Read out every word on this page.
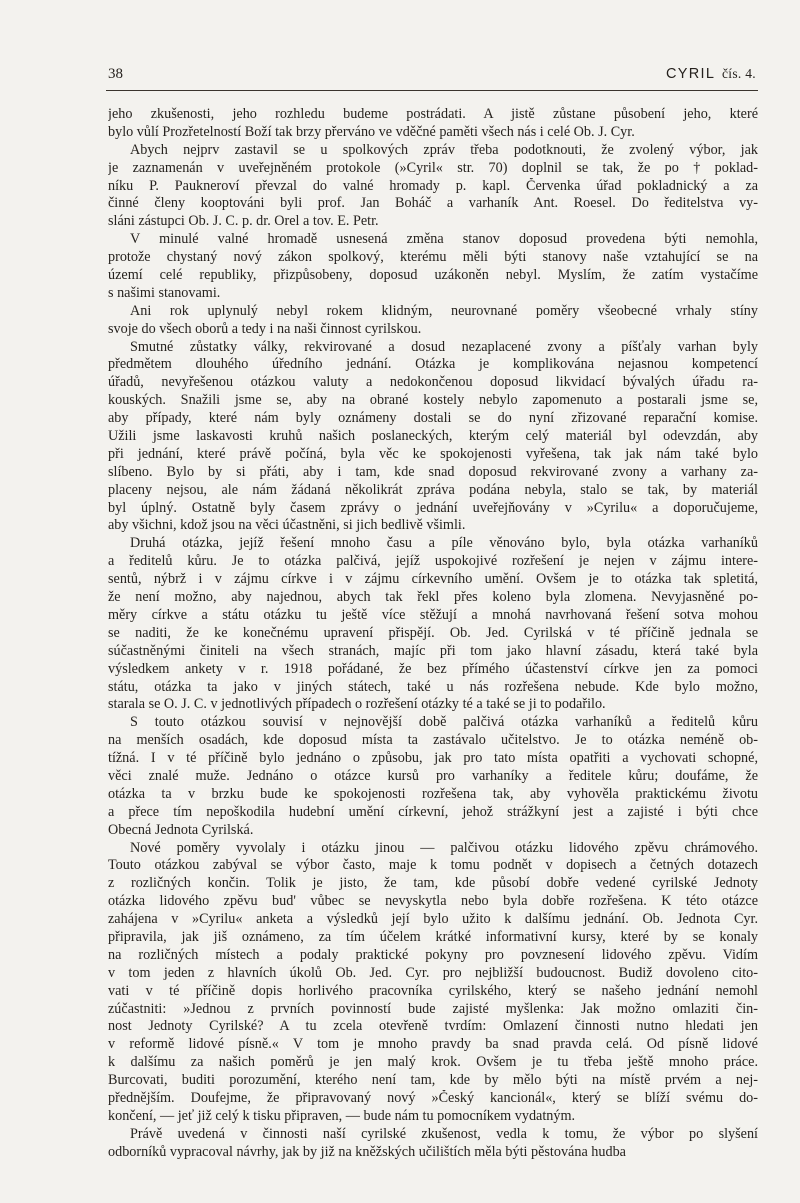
38	CYRIL čís. 4.
jeho zkušenosti, jeho rozhledu budeme postrádati. A jistě zůstane působení jeho, které
bylo vůlí Prozřetelností Boží tak brzy přerváno ve vděčné paměti všech nás i celé Ob. J. Cyr.
Abych nejprv zastavil se u spolkových zpráv třeba podotknouti, že zvolený výbor, jak
je zaznamenán v uveřejněném protokole (»Cyril« str. 70) doplnil se tak, že po † poklad-
níku P. Paukneroví převzal do valné hromady p. kapl. Červenka úřad pokladnický a za
činné členy kooptováni byli prof. Jan Boháč a varhaník Ant. Roesel. Do ředitelstva vy-
sláni zástupci Ob. J. C. p. dr. Orel a tov. E. Petr.
V minulé valné hromadě usnesená změna stanov doposud provedena býti nemohla,
protože chystaný nový zákon spolkový, kterému měli býti stanovy naše vztahující se na
území celé republiky, přizpůsobeny, doposud uzákoněn nebyl. Myslím, že zatím vystačíme
s našimi stanovami.
Ani rok uplynulý nebyl rokem klidným, neurovnané poměry všeobecné vrhaly stíny
svoje do všech oborů a tedy i na naši činnost cyrilskou.
Smutné zůstatky války, rekvirované a dosud nezaplacené zvony a píšťaly varhan byly
předmětem dlouhého úředního jednání. Otázka je komplikována nejasnou kompetencí
úřadů, nevyřešenou otázkou valuty a nedokončenou doposud likvidací bývalých úřadu ra-
kouských. Snažili jsme se, aby na obrané kostely nebylo zapomenuto a postarali jsme se,
aby případy, které nám byly oznámeny dostali se do nyní zřizované reparační komise.
Užili jsme laskavosti kruhů našich poslaneckých, kterým celý materiál byl odevzdán, aby
při jednání, které právě počíná, byla věc ke spokojenosti vyřešena, tak jak nám také bylo
slíbeno. Bylo by si přáti, aby i tam, kde snad doposud rekvirované zvony a varhany za-
placeny nejsou, ale nám žádaná několikrát zpráva podána nebyla, stalo se tak, by materiál
byl úplný. Ostatně byly časem zprávy o jednání uveřejňovány v »Cyrilu« a doporučujeme,
aby všichni, kdož jsou na věci účastněni, si jich bedlivě všimli.
Druhá otázka, jejíž řešení mnoho času a píle věnováno bylo, byla otázka varhaníků
a ředitelů kůru. Je to otázka palčivá, jejíž uspokojivé rozřešení je nejen v zájmu intere-
sentů, nýbrž i v zájmu církve i v zájmu církevního umění. Ovšem je to otázka tak spletitá,
že není možno, aby najednou, abych tak řekl přes koleno byla zlomena. Nevyjasněné po-
měry církve a státu otázku tu ještě více stěžují a mnohá navrhovaná řešení sotva mohou
se naditi, že ke konečnému upravení přispějí. Ob. Jed. Cyrilská v té příčině jednala se
súčastněnými činiteli na všech stranách, majíc při tom jako hlavní zásadu, která také byla
výsledkem ankety v r. 1918 pořádané, že bez přímého účastenství církve jen za pomoci
státu, otázka ta jako v jiných státech, také u nás rozřešena nebude. Kde bylo možno,
starala se O. J. C. v jednotlivých případech o rozřešení otázky té a také se ji to podařilo.
S touto otázkou souvisí v nejnovější době palčivá otázka varhaníků a ředitelů kůru
na menších osadách, kde doposud místa ta zastávalo učitelstvo. Je to otázka neméně ob-
tížná. I v té příčině bylo jednáno o způsobu, jak pro tato místa opatřiti a vychovati schopné,
věci znalé muže. Jednáno o otázce kursů pro varhaníky a ředitele kůru; doufáme, že
otázka ta v brzku bude ke spokojenosti rozřešena tak, aby vyhověla praktickému životu
a přece tím nepoškodila hudební umění církevní, jehož strážkyní jest a zajisté i býti chce
Obecná Jednota Cyrilská.
Nové poměry vyvolaly i otázku jinou — palčivou otázku lidového zpěvu chrámového.
Touto otázkou zabýval se výbor často, maje k tomu podnět v dopisech a četných dotazech
z rozličných končin. Tolik je jisto, že tam, kde působí dobře vedené cyrilské Jednoty
otázka lidového zpěvu bud' vůbec se nevyskytla nebo byla dobře rozřešena. K této otázce
zahájena v »Cyrilu« anketa a výsledků její bylo užito k dalšímu jednání. Ob. Jednota Cyr.
připravila, jak jiš oznámeno, za tím účelem krátké informativní kursy, které by se konaly
na rozličných místech a podaly praktické pokyny pro povznesení lidového zpěvu. Vidím
v tom jeden z hlavních úkolů Ob. Jed. Cyr. pro nejbližší budoucnost. Budiž dovoleno cito-
vati v té příčině dopis horlivého pracovníka cyrilského, který se našeho jednání nemohl
zúčastniti: »Jednou z prvních povinností bude zajisté myšlenka: Jak možno omlaziti čin-
nost Jednoty Cyrilské? A tu zcela otevřeně tvrdím: Omlazení činnosti nutno hledati jen
v reformě lidové písně.« V tom je mnoho pravdy ba snad pravda celá. Od písně lidové
k dalšímu za našich poměrů je jen malý krok. Ovšem je tu třeba ještě mnoho práce.
Burcovati, buditi porozumění, kterého není tam, kde by mělo býti na místě prvém a nej-
přednějším. Doufejme, že připravovaný nový »Český kancionál«, který se blíží svému do-
končení, — jeť již celý k tisku připraven, — bude nám tu pomocníkem vydatným.
Právě uvedená v činnosti naší cyrilské zkušenost, vedla k tomu, že výbor po slyšení
odborníků vypracoval návrhy, jak by již na kněžských učilištích měla býti pěstována hudba
